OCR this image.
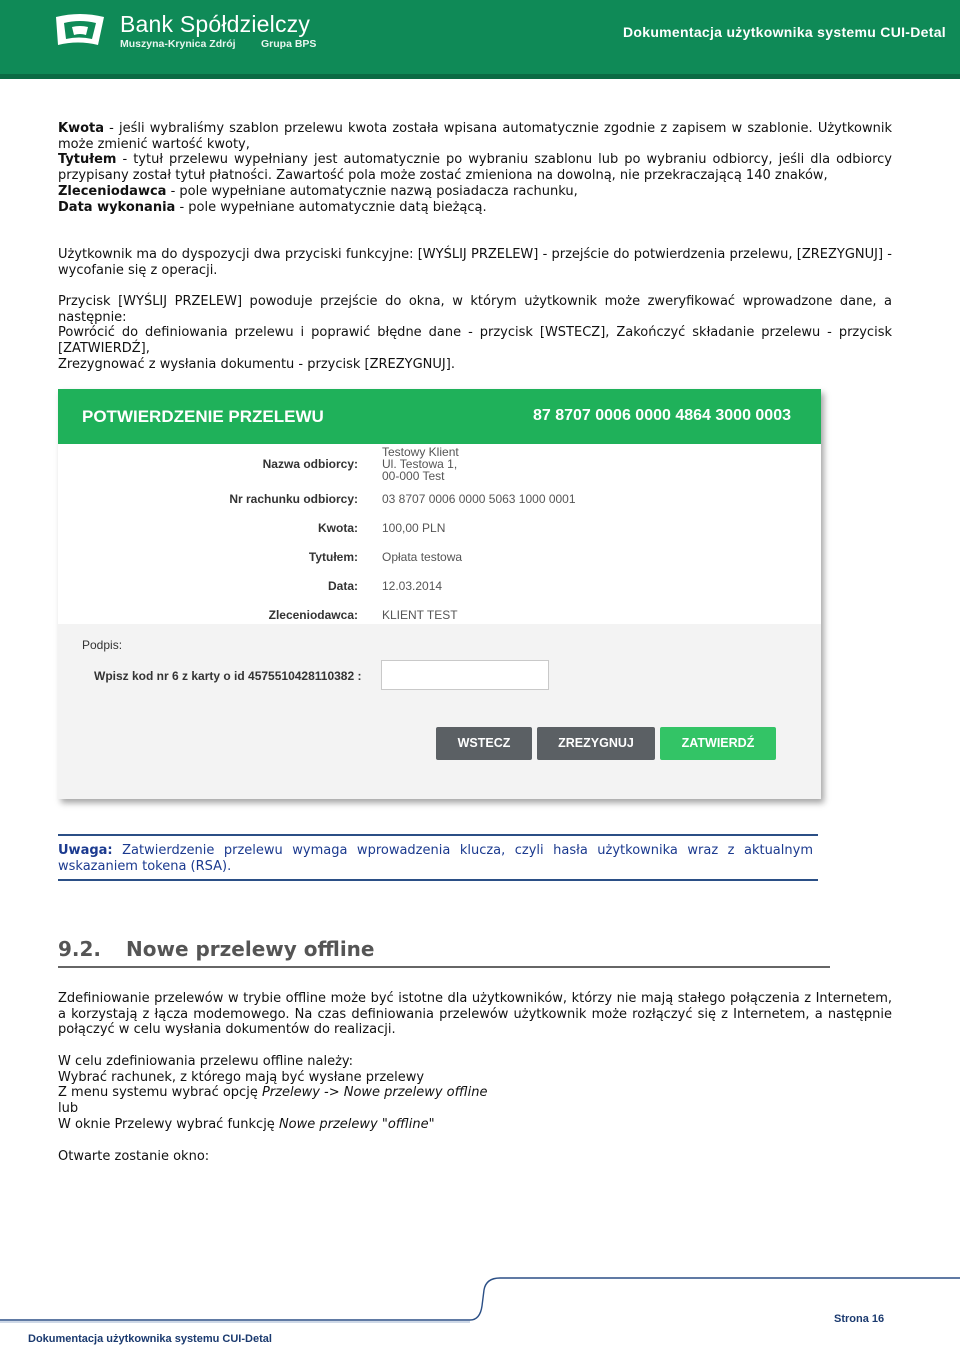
Bank Spółdzielczy
Muszyna-Krynica Zdrój Grupa BPS
Dokumentacja użytkownika systemu CUI-Detal

Kwota - jeśli wybraliśmy szablon przelewu kwota została wpisana automatycznie zgodnie z zapisem w szablonie. Użytkownik może zmienić wartość kwoty,

Tytułem - tytuł przelewu wypełniany jest automatycznie po wybraniu szablonu lub po wybraniu odbiorcy, jeśli dla odbiorcy przypisany został tytuł płatności. Zawartość pola może zostać zmieniona na dowolną, nie przekraczającą 140 znaków,

Zleceniodawca - pole wypełniane automatycznie nazwą posiadacza rachunku,

Data wykonania - pole wypełniane automatycznie datą bieżącą.

Użytkownik ma do dyspozycji dwa przyciski funkcyjne: [WYŚLIJ PRZELEW] - przejście do potwierdzenia przelewu, [ZREZYGNUJ] - wycofanie się z operacji.

Przycisk [WYŚLIJ PRZELEW] powoduje przejście do okna, w którym użytkownik może zweryfikować wprowadzone dane, a następnie:

Powrócić do definiowania przelewu i poprawić błędne dane - przycisk [WSTECZ], Zakończyć składanie przelewu - przycisk [ZATWIERDŹ],

Zrezygnować z wysłania dokumentu - przycisk [ZREZYGNUJ].

POTWIERDZENIE PRZELEWU	87 8707 0006 0000 4864 3000 0003
Nazwa odbiorcy:
Testowy Klient
Ul. Testowa 1,
00-000 Test
Nr rachunku odbiorcy: 03 8707 0006 0000 5063 1000 0001
Kwota: 100,00 PLN
Tytułem: Opłata testowa
Data: 12.03.2014
Zleceniodawca: KLIENT TEST
Podpis:
Wpisz kod nr 6 z karty o id 4575510428110382 :
WSTECZ	ZREZYGNUJ	ZATWIERDŹ

Uwaga: Zatwierdzenie przelewu wymaga wprowadzenia klucza, czyli hasła użytkownika wraz z aktualnym wskazaniem tokena (RSA).

9.2. Nowe przelewy offline

Zdefiniowanie przelewów w trybie offline może być istotne dla użytkowników, którzy nie mają stałego połączenia z Internetem, a korzystają z łącza modemowego. Na czas definiowania przelewów użytkownik może rozłączyć się z Internetem, a następnie połączyć w celu wysłania dokumentów do realizacji.

W celu zdefiniowania przelewu offline należy:

Wybrać rachunek, z którego mają być wysłane przelewy

Z menu systemu wybrać opcję Przelewy -> Nowe przelewy offline

lub

W oknie Przelewy wybrać funkcję Nowe przelewy "offline"

Otwarte zostanie okno:

Strona 16
Dokumentacja użytkownika systemu CUI-Detal
